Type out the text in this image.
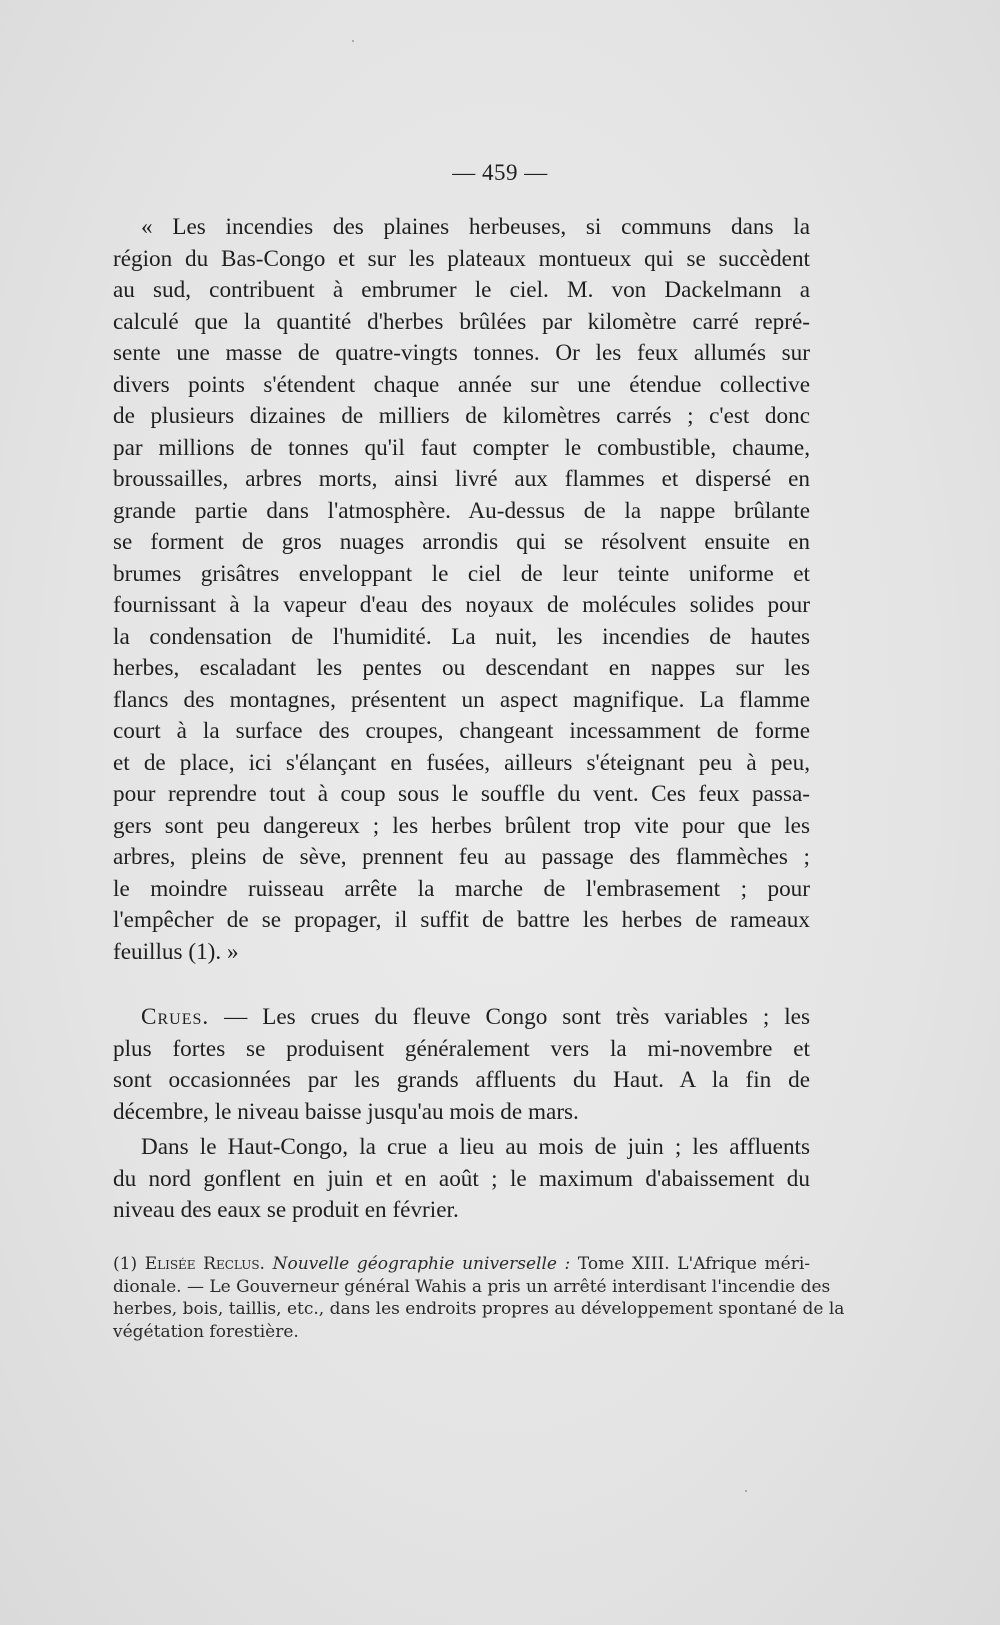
— 459 —

« Les incendies des plaines herbeuses, si communs dans la
région du Bas-Congo et sur les plateaux montueux qui se succèdent
au sud, contribuent à embrumer le ciel. M. von Dackelmann a
calculé que la quantité d'herbes brûlées par kilomètre carré repré-
sente une masse de quatre-vingts tonnes. Or les feux allumés sur
divers points s'étendent chaque année sur une étendue collective
de plusieurs dizaines de milliers de kilomètres carrés ; c'est donc
par millions de tonnes qu'il faut compter le combustible, chaume,
broussailles, arbres morts, ainsi livré aux flammes et dispersé en
grande partie dans l'atmosphère. Au-dessus de la nappe brûlante
se forment de gros nuages arrondis qui se résolvent ensuite en
brumes grisâtres enveloppant le ciel de leur teinte uniforme et
fournissant à la vapeur d'eau des noyaux de molécules solides pour
la condensation de l'humidité. La nuit, les incendies de hautes
herbes, escaladant les pentes ou descendant en nappes sur les
flancs des montagnes, présentent un aspect magnifique. La flamme
court à la surface des croupes, changeant incessamment de forme
et de place, ici s'élançant en fusées, ailleurs s'éteignant peu à peu,
pour reprendre tout à coup sous le souffle du vent. Ces feux passa-
gers sont peu dangereux ; les herbes brûlent trop vite pour que les
arbres, pleins de sève, prennent feu au passage des flammèches ;
le moindre ruisseau arrête la marche de l'embrasement ; pour
l'empêcher de se propager, il suffit de battre les herbes de rameaux
feuillus (1). »

Crues. — Les crues du fleuve Congo sont très variables ; les
plus fortes se produisent généralement vers la mi-novembre et
sont occasionnées par les grands affluents du Haut. A la fin de
décembre, le niveau baisse jusqu'au mois de mars.

Dans le Haut-Congo, la crue a lieu au mois de juin ; les affluents
du nord gonflent en juin et en août ; le maximum d'abaissement du
niveau des eaux se produit en février.

(1) Elisée Reclus. Nouvelle géographie universelle : Tome XIII. L'Afrique méri-
dionale. — Le Gouverneur général Wahis a pris un arrêté interdisant l'incendie des
herbes, bois, taillis, etc., dans les endroits propres au développement spontané de la
végétation forestière.
